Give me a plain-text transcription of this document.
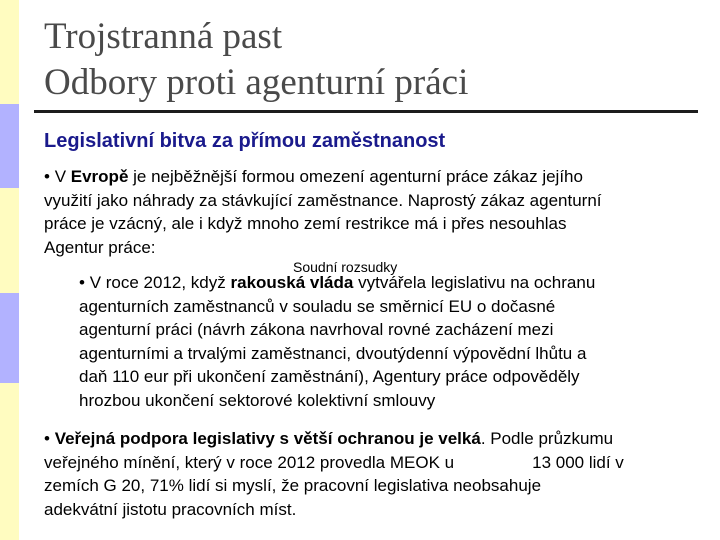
Trojstranná past
Odbory proti agenturní práci
Legislativní bitva za přímou zaměstnanost

• V Evropě je nejběžnější formou omezení agenturní práce zákaz jejího
využití jako náhrady za stávkující zaměstnance. Naprostý zákaz agenturní
práce je vzácný, ale i když mnoho zemí restrikce má i přes nesouhlas
Agentur práce:

• V roce 2012, když rakouská vláda vytvářela legislativu na ochranu
agenturních zaměstnanců v souladu se směrnicí EU o dočasné
agenturní práci (návrh zákona navrhoval rovné zacházení mezi
agenturními a trvalými zaměstnanci, dvoutýdenní výpovědní lhůtu a
daň 110 eur při ukončení zaměstnání), Agentury práce odpověděly
hrozbou ukončení sektorové kolektivní smlouvy

Soudní rozsudky

• Veřejná podpora legislativy s větší ochranou je velká. Podle průzkumu
veřejného mínění, který v roce 2012 provedla MEOK u	13 000 lidí v
zemích G 20, 71% lidí si myslí, že pracovní legislativa neobsahuje
adekvátní jistotu pracovních míst.
